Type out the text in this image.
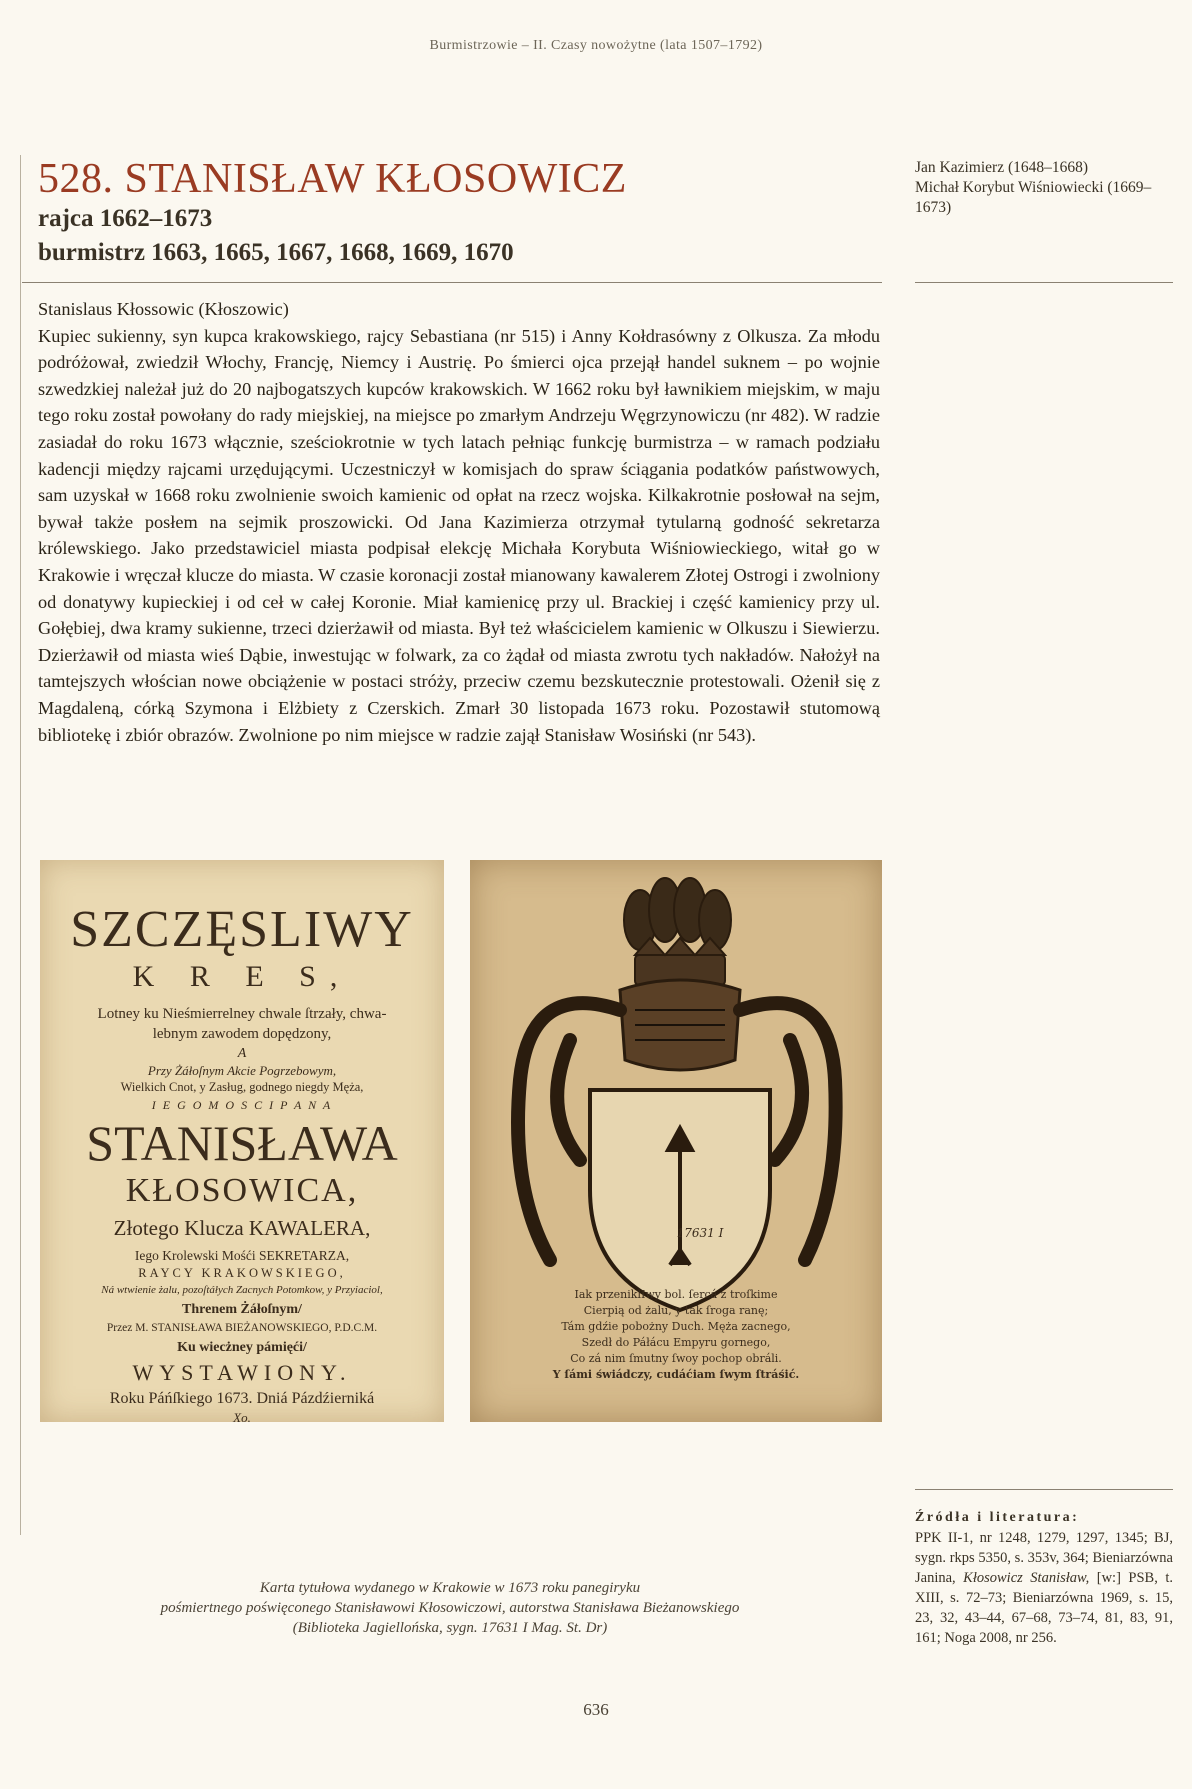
Burmistrzowie – II. Czasy nowożytne (lata 1507–1792)
528. STANISŁAW KŁOSOWICZ
rajca 1662–1673
burmistrz 1663, 1665, 1667, 1668, 1669, 1670
Jan Kazimierz (1648–1668)
Michał Korybut Wiśniowiecki (1669–1673)
Stanislaus Kłossowic (Kłoszowic)
Kupiec sukienny, syn kupca krakowskiego, rajcy Sebastiana (nr 515) i Anny Kołdrasówny z Olkusza. Za młodu podróżował, zwiedził Włochy, Francję, Niemcy i Austrię. Po śmierci ojca przejął handel suknem – po wojnie szwedzkiej należał już do 20 najbogatszych kupców krakowskich. W 1662 roku był ławnikiem miejskim, w maju tego roku został powołany do rady miejskiej, na miejsce po zmarłym Andrzeju Węgrzynowiczu (nr 482). W radzie zasiadał do roku 1673 włącznie, sześciokrotnie w tych latach pełniąc funkcję burmistrza – w ramach podziału kadencji między rajcami urzędującymi. Uczestniczył w komisjach do spraw ściągania podatków państwowych, sam uzyskał w 1668 roku zwolnienie swoich kamienic od opłat na rzecz wojska. Kilkakrotnie posłował na sejm, bywał także posłem na sejmik proszowicki. Od Jana Kazimierza otrzymał tytularną godność sekretarza królewskiego. Jako przedstawiciel miasta podpisał elekcję Michała Korybuta Wiśniowieckiego, witał go w Krakowie i wręczał klucze do miasta. W czasie koronacji został mianowany kawalerem Złotej Ostrogi i zwolniony od donatywy kupieckiej i od ceł w całej Koronie. Miał kamienicę przy ul. Brackiej i część kamienicy przy ul. Gołębiej, dwa kramy sukienne, trzeci dzierżawił od miasta. Był też właścicielem kamienic w Olkuszu i Siewierzu. Dzierżawił od miasta wieś Dąbie, inwestując w folwark, za co żądał od miasta zwrotu tych nakładów. Nałożył na tamtejszych włościan nowe obciążenie w postaci stróży, przeciw czemu bezskutecznie protestowali. Ożenił się z Magdaleną, córką Szymona i Elżbiety z Czerskich. Zmarł 30 listopada 1673 roku. Pozostawił stutomową bibliotekę i zbiór obrazów. Zwolnione po nim miejsce w radzie zajął Stanisław Wosiński (nr 543).
SZCZĘSLIWY
K R E S,
Lotney ku Nieśmierrelney chwale ſtrzały, chwa-
lebnym zawodem dopędzony,
A
Przy Żáłoſnym Akcie Pogrzebowym,
Wielkich Cnot, y Zasług, godnego niegdy Męża,
I E G O M O S C I P A N A
STANISŁAWA
KŁOSOWICA,
Złotego Klucza KAWALERA,
Iego Krolewski Mośći SEKRETARZA,
RAYCY KRAKOWSKIEGO,
Ná wtwienie żalu, pozoſtáłych Zacnych Potomkow, y Przyiaciol,
Threnem Żáłoſnym/
Przez M. STANISŁAWA BIEŻANOWSKIEGO, P.D.C.M.
Ku wiecżney pámięći/
WYSTAWIONY.
Roku Páńſkiego 1673. Dniá Pázdźierniká
Xo.
17631 I
Iak przeniklIwy bol. ſercá z troſkime
Cierpią od żalu, y tak ſroga ranę;
Tám gdźie pobożny Duch. Męża zacnego,
Szedł do Páłácu Empyru gornego,
Co zá nim ſmutny ſwoy pochop obráli.
Y ſámi świádczy, cudáćiam ſwym ſtráśić.
Karta tytułowa wydanego w Krakowie w 1673 roku panegiryku
pośmiertnego poświęconego Stanisławowi Kłosowiczowi, autorstwa Stanisława Bieżanowskiego
(Biblioteka Jagiellońska, sygn. 17631 I Mag. St. Dr)
Źródła i literatura:
PPK II-1, nr 1248, 1279, 1297, 1345; BJ, sygn. rkps 5350, s. 353v, 364; Bieniarzówna Janina, Kłosowicz Stanisław, [w:] PSB, t. XIII, s. 72–73; Bieniarzówna 1969, s. 15, 23, 32, 43–44, 67–68, 73–74, 81, 83, 91, 161; Noga 2008, nr 256.
636
